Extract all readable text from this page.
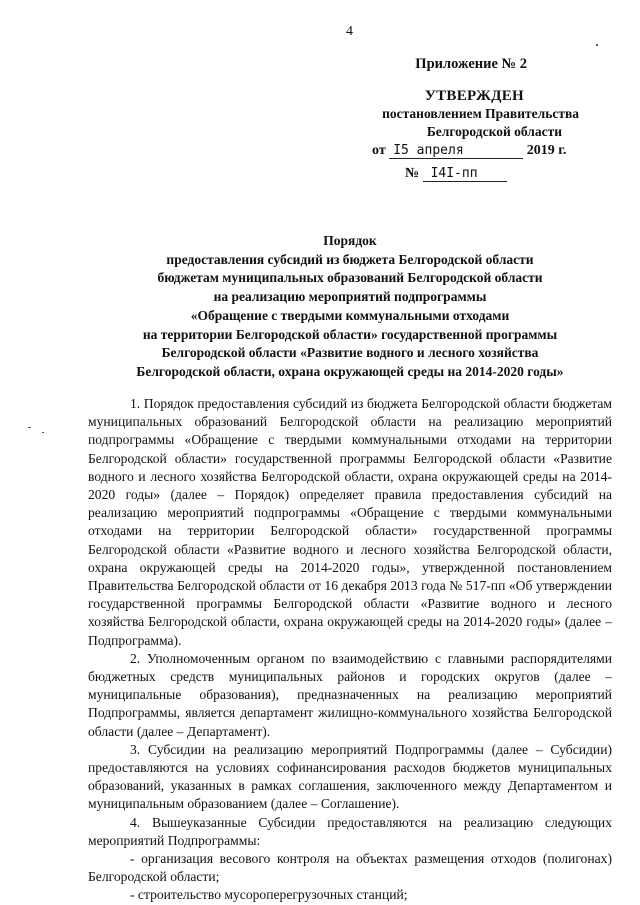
4
Приложение № 2
УТВЕРЖДЕН
постановлением Правительства
Белгородской области
от I5 апреля	2019 г.
№ I4I-пп
Порядок
предоставления субсидий из бюджета Белгородской области
бюджетам муниципальных образований Белгородской области
на реализацию мероприятий подпрограммы
«Обращение с твердыми коммунальными отходами
на территории Белгородской области» государственной программы
Белгородской области «Развитие водного и лесного хозяйства
Белгородской области, охрана окружающей среды на 2014-2020 годы»

1. Порядок предоставления субсидий из бюджета Белгородской области бюджетам муниципальных образований Белгородской области на реализацию мероприятий подпрограммы «Обращение с твердыми коммунальными отходами на территории Белгородской области» государственной программы Белгородской области «Развитие водного и лесного хозяйства Белгородской области, охрана окружающей среды на 2014-2020 годы» (далее – Порядок) определяет правила предоставления субсидий на реализацию мероприятий подпрограммы «Обращение с твердыми коммунальными отходами на территории Белгородской области» государственной программы Белгородской области «Развитие водного и лесного хозяйства Белгородской области, охрана окружающей среды на 2014-2020 годы», утвержденной постановлением Правительства Белгородской области от 16 декабря 2013 года № 517-пп «Об утверждении государственной программы Белгородской области «Развитие водного и лесного хозяйства Белгородской области, охрана окружающей среды на 2014-2020 годы» (далее – Подпрограмма).

2. Уполномоченным органом по взаимодействию с главными распорядителями бюджетных средств муниципальных районов и городских округов (далее – муниципальные образования), предназначенных на реализацию мероприятий Подпрограммы, является департамент жилищно-коммунального хозяйства Белгородской области (далее – Департамент).

3. Субсидии на реализацию мероприятий Подпрограммы (далее – Субсидии) предоставляются на условиях софинансирования расходов бюджетов муниципальных образований, указанных в рамках соглашения, заключенного между Департаментом и муниципальным образованием (далее – Соглашение).

4. Вышеуказанные Субсидии предоставляются на реализацию следующих мероприятий Подпрограммы:

- организация весового контроля на объектах размещения отходов (полигонах) Белгородской области;

- строительство мусороперегрузочных станций;
